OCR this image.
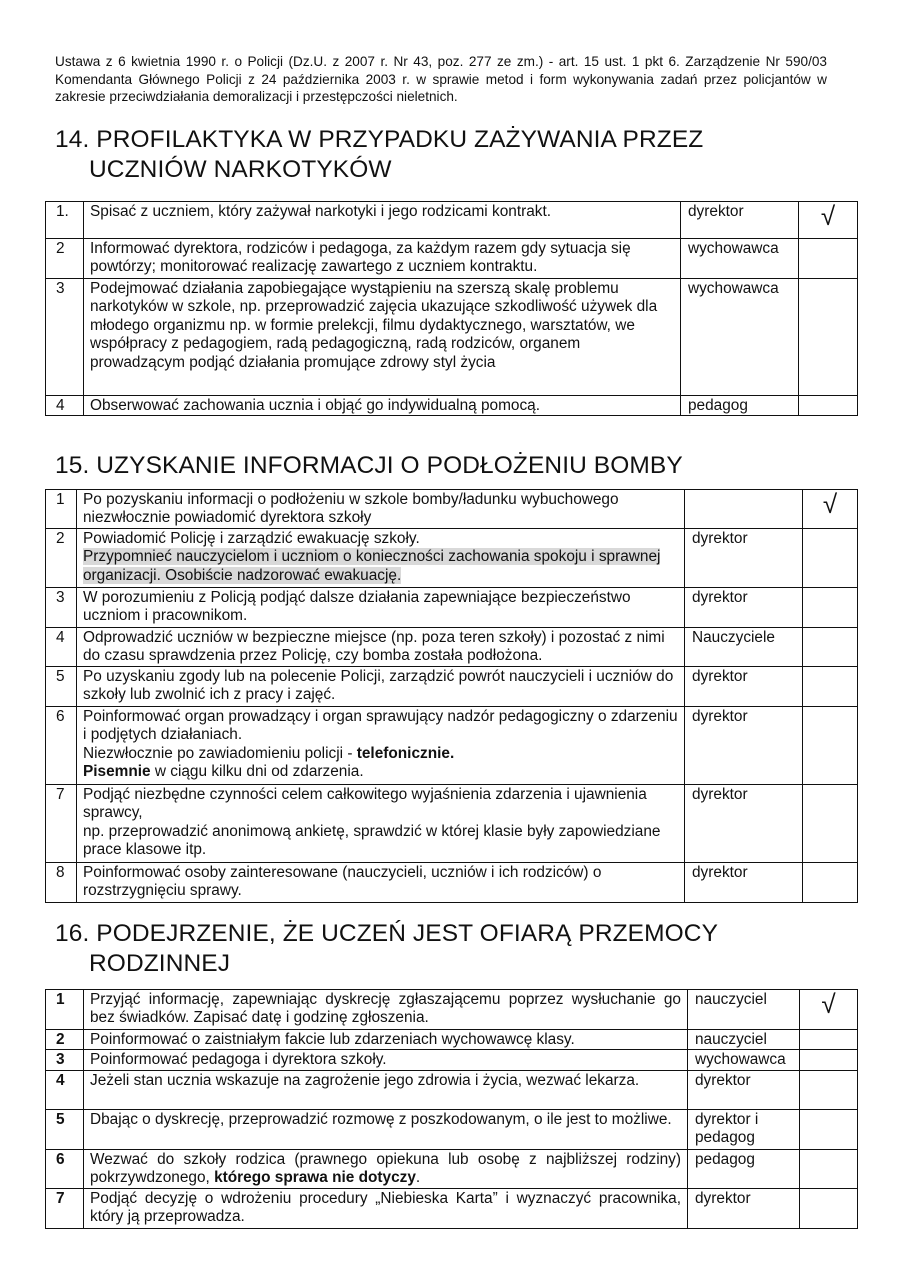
Ustawa z 6 kwietnia 1990 r. o Policji (Dz.U. z 2007 r. Nr 43, poz. 277 ze zm.) - art. 15 ust. 1 pkt 6. Zarządzenie Nr 590/03 Komendanta Głównego Policji z 24 października 2003 r. w sprawie metod i form wykonywania zadań przez policjantów w zakresie przeciwdziałania demoralizacji i przestępczości nieletnich.
14. PROFILAKTYKA W PRZYPADKU ZAŻYWANIA PRZEZ
UCZNIÓW NARKOTYKÓW
1.	Spisać z uczniem, który zażywał narkotyki i jego rodzicami kontrakt.	dyrektor	√
2	Informować dyrektora, rodziców i pedagoga, za każdym razem gdy sytuacja się powtórzy; monitorować realizację zawartego z uczniem kontraktu.	wychowawca	
3	Podejmować działania zapobiegające wystąpieniu na szerszą skalę problemu narkotyków w szkole, np. przeprowadzić zajęcia ukazujące szkodliwość używek dla młodego organizmu np. w formie prelekcji, filmu dydaktycznego, warsztatów, we współpracy z pedagogiem, radą pedagogiczną, radą rodziców, organem prowadzącym podjąć działania promujące zdrowy styl życia	wychowawca	
4	Obserwować zachowania ucznia i objąć go indywidualną pomocą.	pedagog	
15. UZYSKANIE INFORMACJI O PODŁOŻENIU BOMBY
1	Po pozyskaniu informacji o podłożeniu w szkole bomby/ładunku wybuchowego niezwłocznie powiadomić dyrektora szkoły		√
2	Powiadomić Policję i zarządzić ewakuację szkoły.
Przypomnieć nauczycielom i uczniom o konieczności zachowania spokoju i sprawnej organizacji. Osobiście nadzorować ewakuację.	dyrektor	
3	W porozumieniu z Policją podjąć dalsze działania zapewniające bezpieczeństwo uczniom i pracownikom.	dyrektor	
4	Odprowadzić uczniów w bezpieczne miejsce (np. poza teren szkoły) i pozostać z nimi do czasu sprawdzenia przez Policję, czy bomba została podłożona.	Nauczyciele	
5	Po uzyskaniu zgody lub na polecenie Policji, zarządzić powrót nauczycieli i uczniów do szkoły lub zwolnić ich z pracy i zajęć.	dyrektor	
6	Poinformować organ prowadzący i organ sprawujący nadzór pedagogiczny o zdarzeniu i podjętych działaniach.
Niezwłocznie po zawiadomieniu policji - telefonicznie.
Pisemnie w ciągu kilku dni od zdarzenia.	dyrektor	
7	Podjąć niezbędne czynności celem całkowitego wyjaśnienia zdarzenia i ujawnienia sprawcy,
np. przeprowadzić anonimową ankietę, sprawdzić w której klasie były zapowiedziane prace klasowe itp.	dyrektor	
8	Poinformować osoby zainteresowane (nauczycieli, uczniów i ich rodziców) o rozstrzygnięciu sprawy.	dyrektor	
16. PODEJRZENIE, ŻE UCZEŃ JEST OFIARĄ PRZEMOCY
RODZINNEJ
1	Przyjąć informację, zapewniając dyskrecję zgłaszającemu poprzez wysłuchanie go bez świadków. Zapisać datę i godzinę zgłoszenia.	nauczyciel	√
2	Poinformować o zaistniałym fakcie lub zdarzeniach wychowawcę klasy.	nauczyciel	
3	Poinformować pedagoga i dyrektora szkoły.	wychowawca	
4	Jeżeli stan ucznia wskazuje na zagrożenie jego zdrowia i życia, wezwać lekarza.	dyrektor	
5	Dbając o dyskrecję, przeprowadzić rozmowę z poszkodowanym, o ile jest to możliwe.	dyrektor i pedagog	
6	Wezwać do szkoły rodzica (prawnego opiekuna lub osobę z najbliższej rodziny) pokrzywdzonego, którego sprawa nie dotyczy.	pedagog	
7	Podjąć decyzję o wdrożeniu procedury „Niebieska Karta” i wyznaczyć pracownika, który ją przeprowadza.	dyrektor	
